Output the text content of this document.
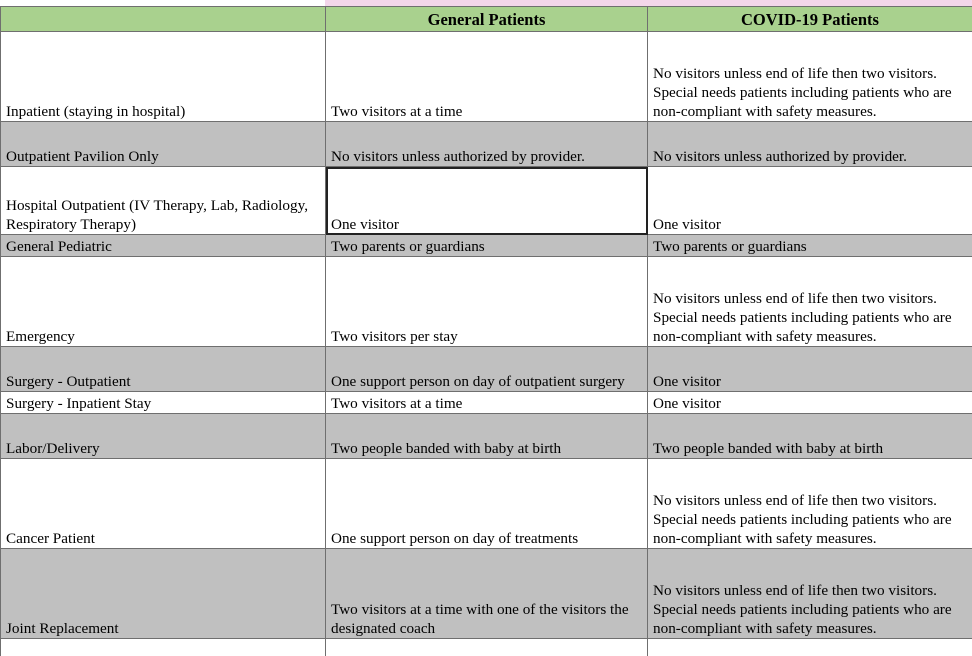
	General Patients	COVID-19 Patients
Inpatient (staying in hospital)	Two visitors at a time	No visitors unless end of life then two visitors. Special needs patients including patients who are non-compliant with safety measures.

Outpatient Pavilion Only	No visitors unless authorized by provider.	No visitors unless authorized by provider.

Hospital Outpatient (IV Therapy, Lab, Radiology, Respiratory Therapy)	One visitor	One visitor
General Pediatric	Two parents or guardians	Two parents or guardians
Emergency	Two visitors per stay	No visitors unless end of life then two visitors. Special needs patients including patients who are non-compliant with safety measures.

Surgery - Outpatient	One support person on day of outpatient surgery	One visitor
Surgery - Inpatient Stay	Two visitors at a time	One visitor
Labor/Delivery	Two people banded with baby at birth	Two people banded with baby at birth
Cancer Patient	One support person on day of treatments	No visitors unless end of life then two visitors. Special needs patients including patients who are non-compliant with safety measures.

Joint Replacement	Two visitors at a time with one of the visitors the designated coach	No visitors unless end of life then two visitors. Special needs patients including patients who are non-compliant with safety measures.
